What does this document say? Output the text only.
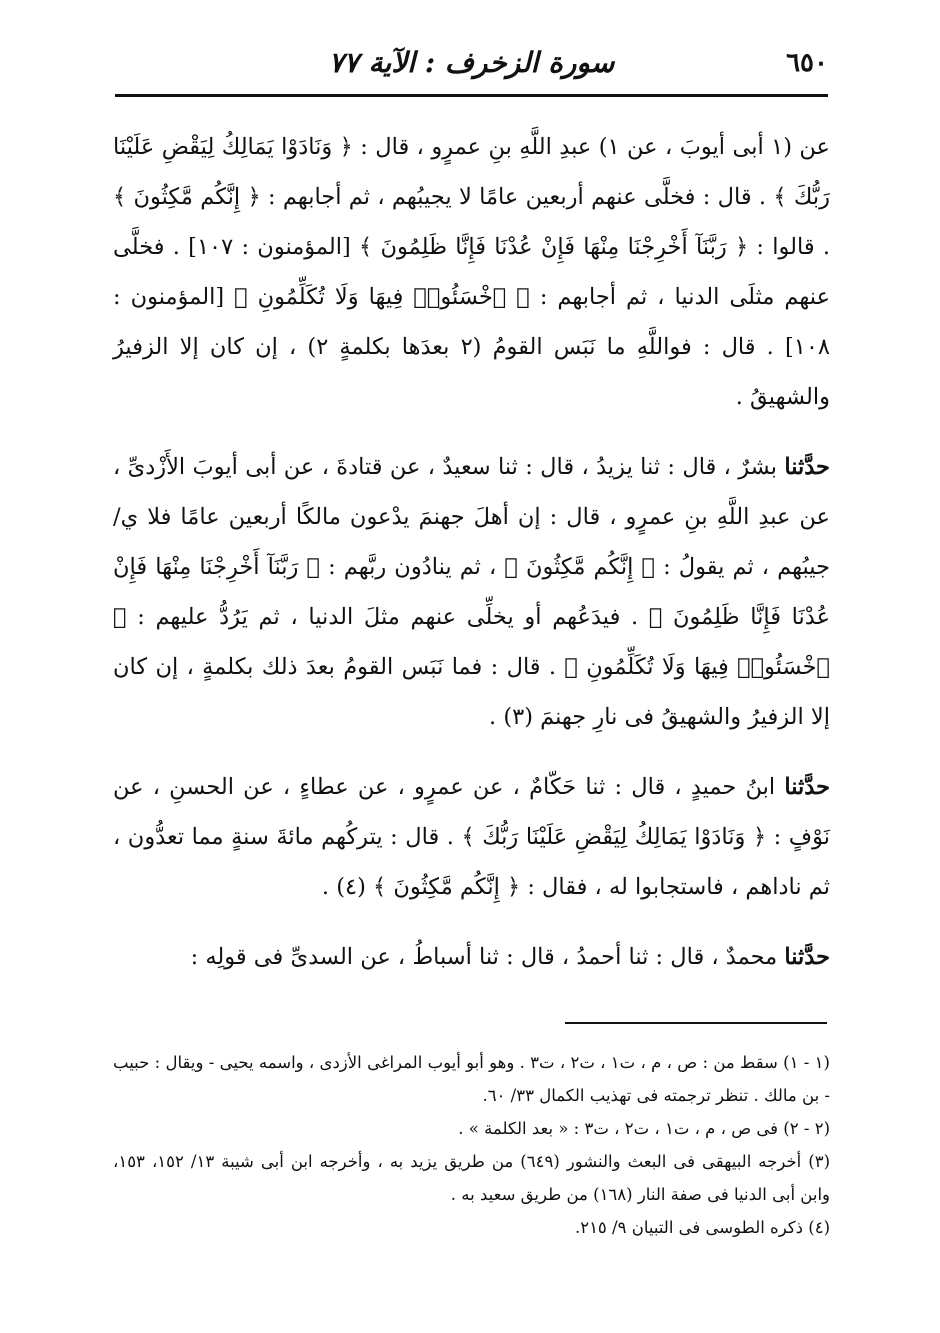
٦٥٠
سورة الزخرف : الآية ٧٧

عن (١ أبى أيوبَ ، عن ١) عبدِ اللَّهِ بنِ عمرٍو ، قال : ﴿ وَنَادَوْا يَمَالِكُ لِيَقْضِ عَلَيْنَا رَبُّكَ ﴾ . قال : فخلَّى عنهم أربعين عامًا لا يجيبُهم ، ثم أجابهم : ﴿ إِنَّكُم مَّكِثُونَ ﴾ . قالوا : ﴿ رَبَّنَآ أَخْرِجْنَا مِنْهَا فَإِنْ عُدْنَا فَإِنَّا ظَلِمُونَ ﴾ [المؤمنون : ١٠٧] . فخلَّى عنهم مثلَى الدنيا ، ثم أجابهم : ﴿ ٱخْسَئُوا۟ فِيهَا وَلَا تُكَلِّمُونِ ﴾ [المؤمنون : ١٠٨] . قال : فواللَّهِ ما نَبَس القومُ (٢ بعدَها بكلمةٍ ٢) ، إن كان إلا الزفيرُ والشهيقُ .

حدَّثنا بشرٌ ، قال : ثنا يزيدُ ، قال : ثنا سعيدٌ ، عن قتادةَ ، عن أبى أيوبَ الأَزْدىِّ ، عن عبدِ اللَّهِ بنِ عمرٍو ، قال : إن أهلَ جهنمَ يدْعون مالكًا أربعين عامًا فلا ي/جيبُهم ، ثم يقولُ : ﴿ إِنَّكُم مَّكِثُونَ ﴾ ، ثم ينادُون ربَّهم : ﴿ رَبَّنَآ أَخْرِجْنَا مِنْهَا فَإِنْ عُدْنَا فَإِنَّا ظَلِمُونَ ﴾ . فيدَعُهم أو يخلِّى عنهم مثلَ الدنيا ، ثم يَرُدُّ عليهم : ﴿ ٱخْسَئُوا۟ فِيهَا وَلَا تُكَلِّمُونِ ﴾ . قال : فما نَبَس القومُ بعدَ ذلك بكلمةٍ ، إن كان إلا الزفيرُ والشهيقُ فى نارِ جهنمَ (٣) .

حدَّثنا ابنُ حميدٍ ، قال : ثنا حَكّامٌ ، عن عمرٍو ، عن عطاءٍ ، عن الحسنِ ، عن نَوْفٍ : ﴿ وَنَادَوْا يَمَالِكُ لِيَقْضِ عَلَيْنَا رَبُّكَ ﴾ . قال : يتركُهم مائةَ سنةٍ مما تعدُّون ، ثم ناداهم ، فاستجابوا له ، فقال : ﴿ إِنَّكُم مَّكِثُونَ ﴾ (٤) .

حدَّثنا محمدٌ ، قال : ثنا أحمدُ ، قال : ثنا أسباطُ ، عن السدىِّ فى قولِه :

(١ - ١) سقط من : ص ، م ، ت١ ، ت٢ ، ت٣ . وهو أبو أيوب المراغى الأزدى ، واسمه يحيى - ويقال : حبيب - بن مالك . تنظر ترجمته فى تهذيب الكمال ٣٣/ ٦٠.

(٢ - ٢) فى ص ، م ، ت١ ، ت٢ ، ت٣ : « بعد الكلمة » .

(٣) أخرجه البيهقى فى البعث والنشور (٦٤٩) من طريق يزيد به ، وأخرجه ابن أبى شيبة ١٣/ ١٥٢، ١٥٣، وابن أبى الدنيا فى صفة النار (١٦٨) من طريق سعيد به .

(٤) ذكره الطوسى فى التبيان ٩/ ٢١٥.
